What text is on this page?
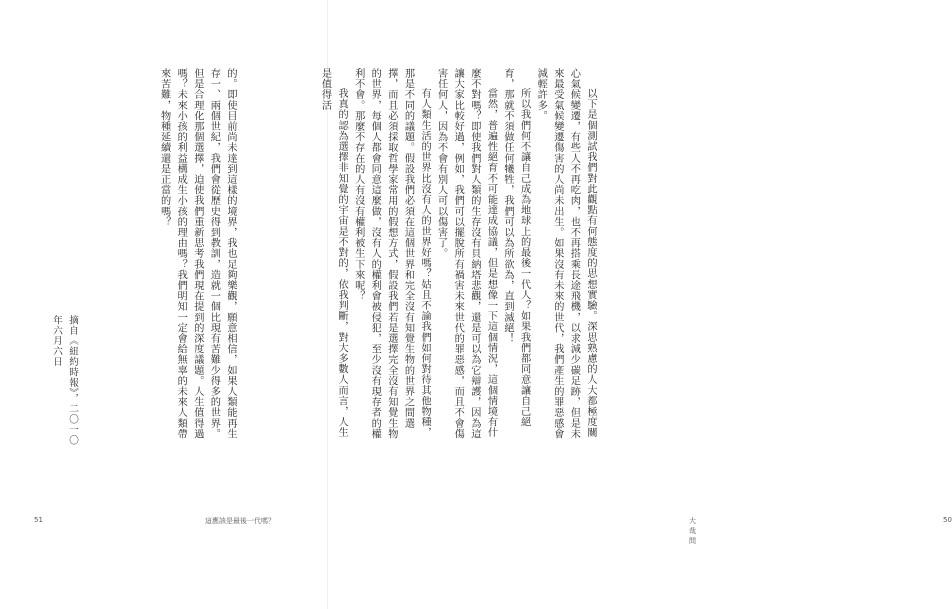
的。即使目前尚未達到這樣的境界，我也足夠樂觀，願意相信，如果人類能再生存一、兩個世紀，我們會從歷史得到教訓，造就一個比現有苦難少得多的世界。但是合理化那個選擇，迫使我們重新思考我們現在提到的深度議題。人生值得過嗎？未來小孩的利益構成生小孩的理由嗎？我們明知一定會給無辜的未來人類帶來苦難，物種延續還是正當的嗎？

摘自《紐約時報》，二〇一〇年六月六日
51	這應該是最後一代嗎？

以下是個測試我們對此觀點有何態度的思想實驗。深思熟慮的人大都極度關心氣候變遷，有些人不再吃肉，也不再搭乘長途飛機，以求減少碳足跡，但是未來最受氣候變遷傷害的人尚未出生。如果沒有未來的世代，我們產生的罪惡感會減輕許多。

所以我們何不讓自己成為地球上的最後一代人？如果我們都同意讓自己絕育，那就不須做任何犧牲，我們可以為所欲為，直到滅絕！

當然，普遍性絕育不可能達成協議，但是想像一下這個情況，這個情境有什麼不對嗎？即使我們對人類的生存沒有貝納塔悲觀，還是可以為它辯護，因為這讓大家比較好過，例如，我們可以擺脫所有禍害未來世代的罪惡感，而且不會傷害任何人，因為不會有別人可以傷害了。

有人類生活的世界比沒有人的世界好嗎？姑且不論我們如何對待其他物種，那是不同的議題。假設我們必須在這個世界和完全沒有知覺生物的世界之間選擇，而且必須採取哲學家常用的假想方式，假設我們若是選擇完全沒有知覺生物的世界，每個人都會同意這麼做，沒有人的權利會被侵犯，至少沒有現存者的權利不會。那麼不存在的人有沒有權利被生下來呢？

我真的認為選擇非知覺的宇宙是不對的，依我判斷，對大多數人而言，人生是值得活

大哉問
50
